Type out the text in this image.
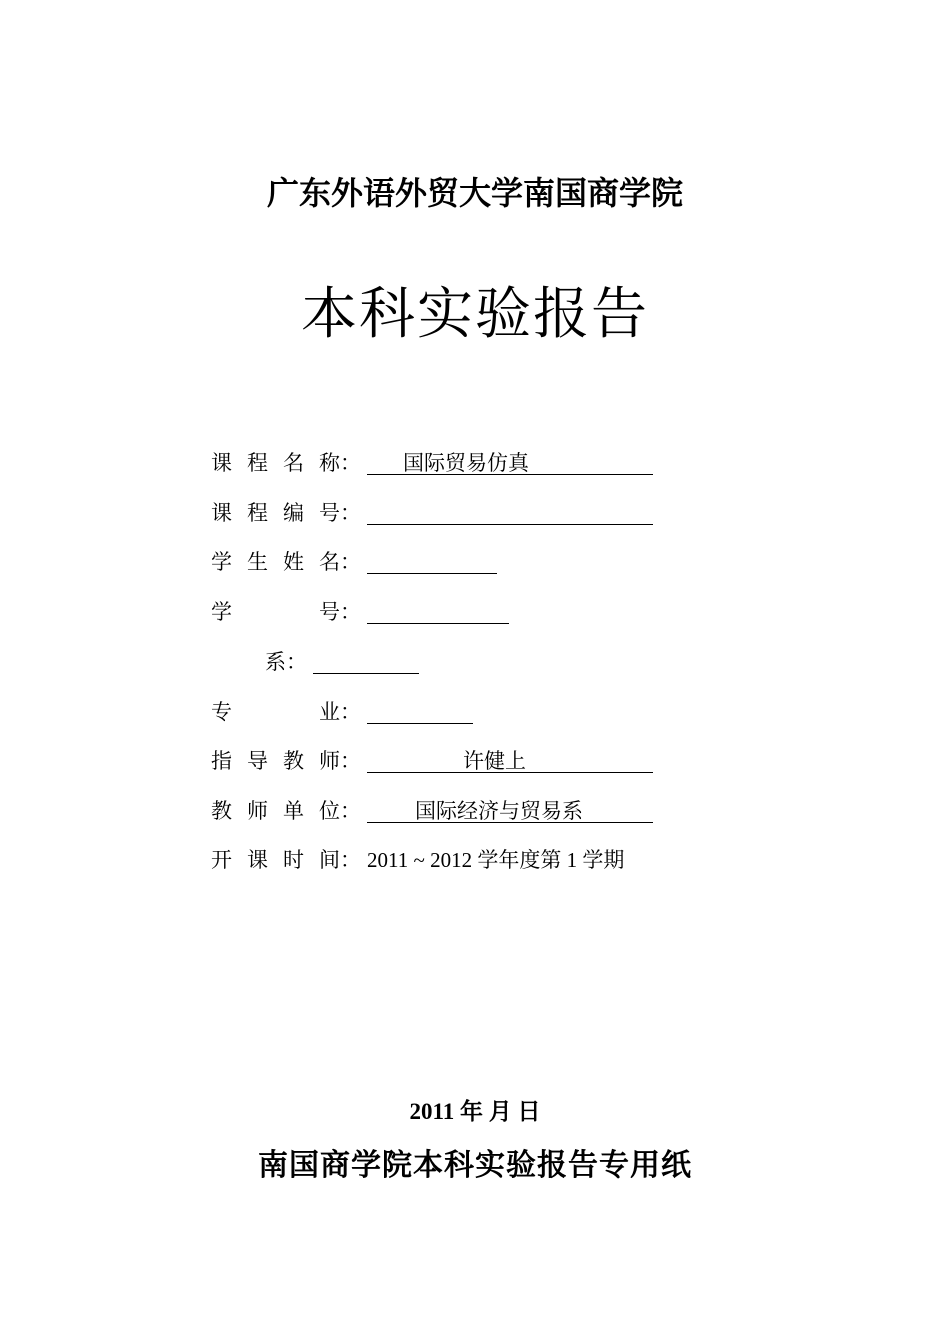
广东外语外贸大学南国商学院
本科实验报告
课 程 名 称： 国际贸易仿真
课 程 编 号：
学 生 姓 名：
学	号：
系：
专	业：
指 导 教 师：	许健上
教 师 单 位：	国际经济与贸易系
开 课 时 间： 2011 ~ 2012 学年度第 1 学期
2011 年 月 日
南国商学院本科实验报告专用纸
